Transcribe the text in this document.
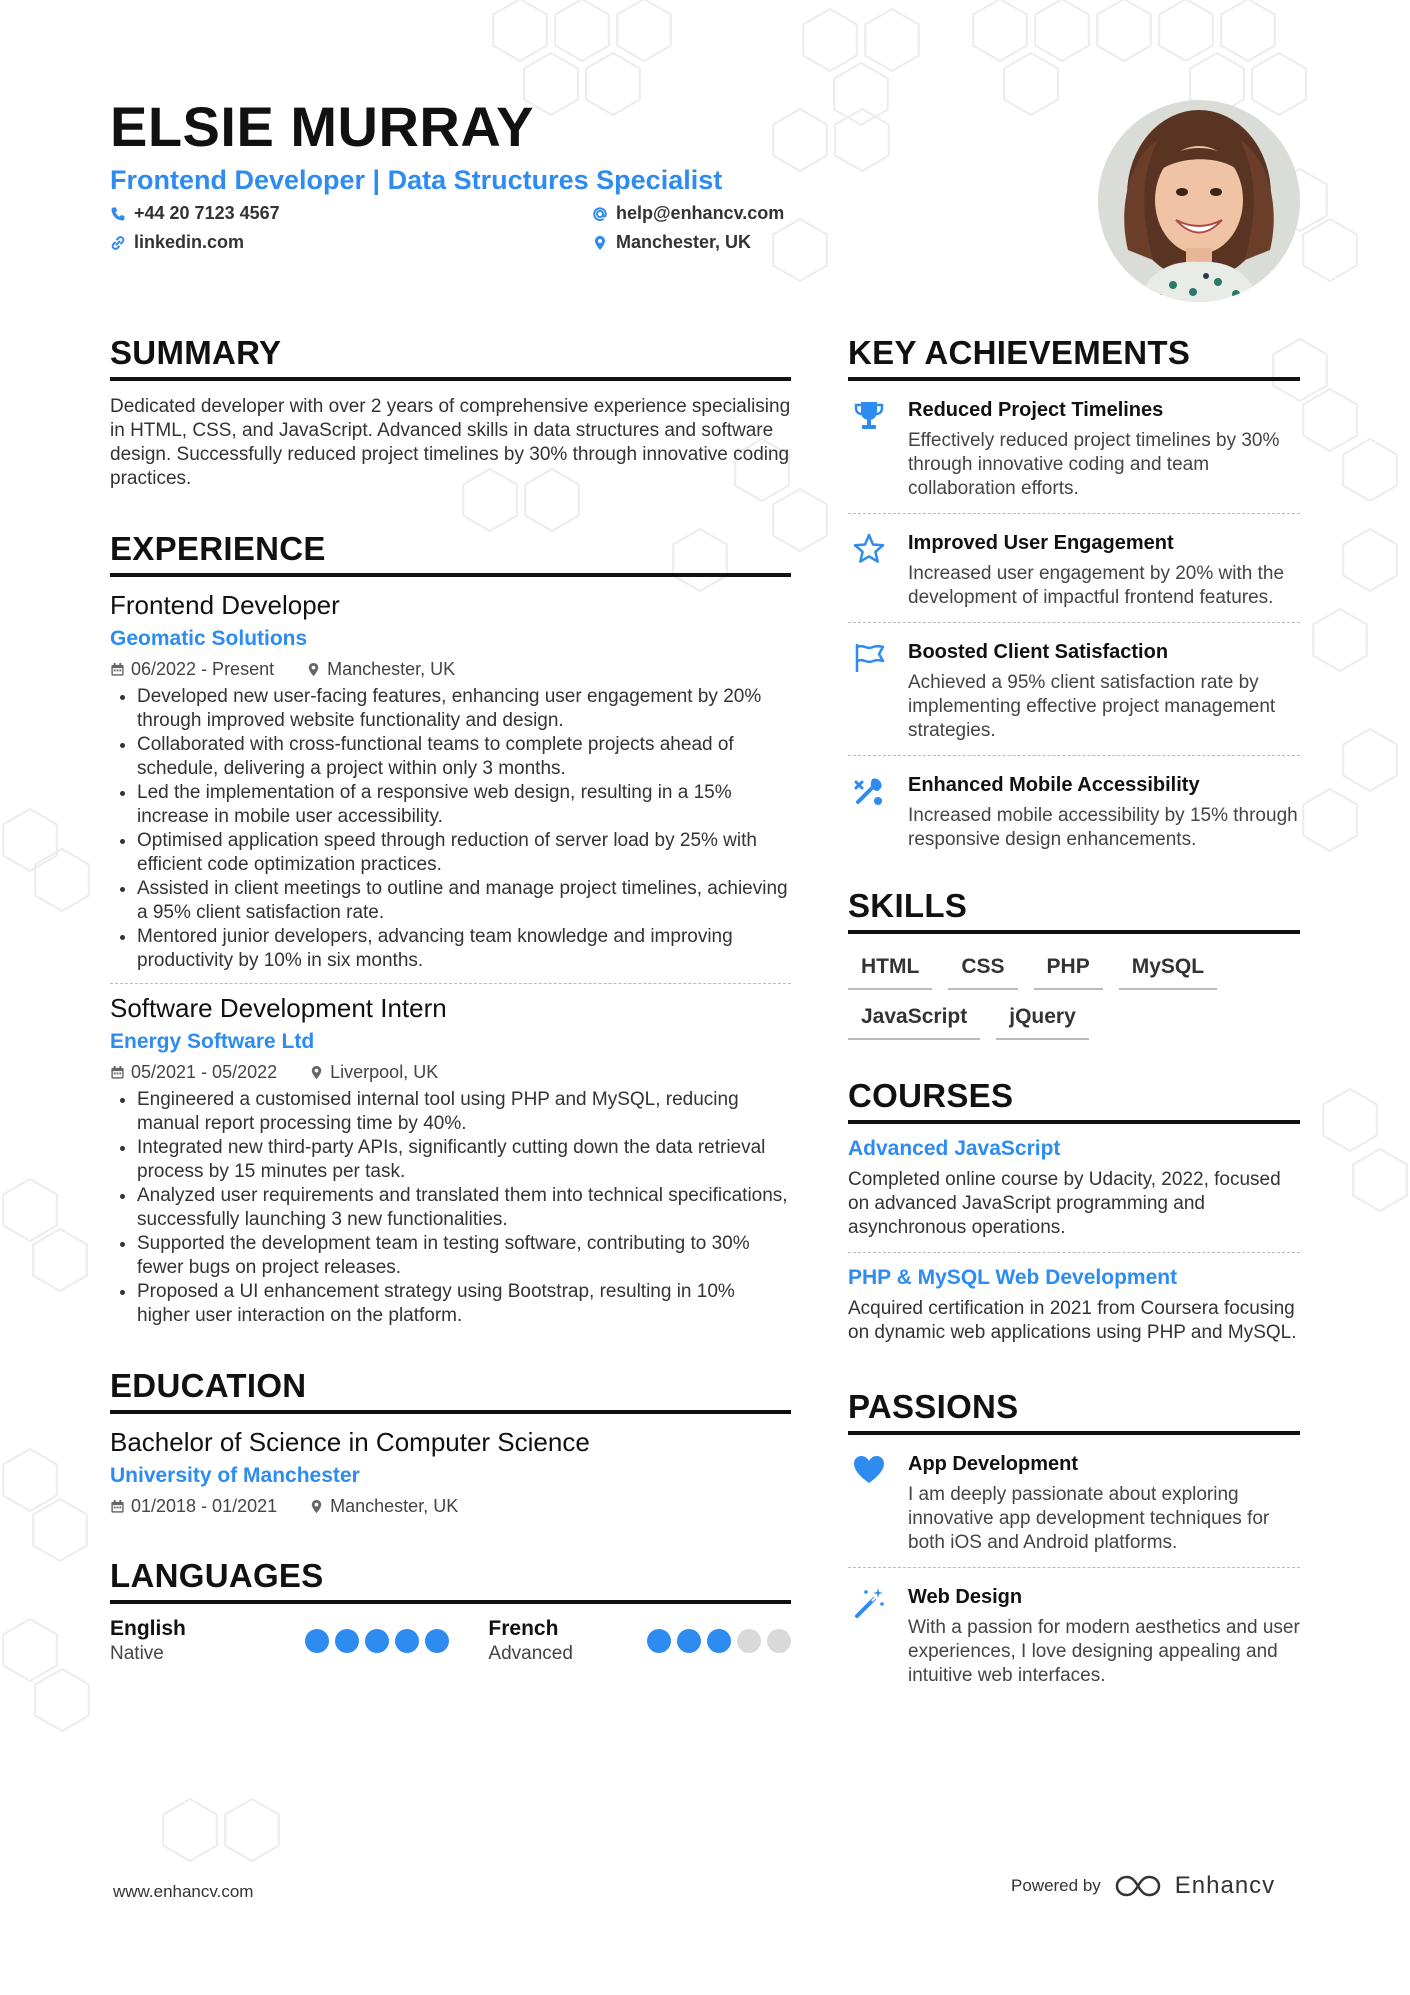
ELSIE MURRAY
Frontend Developer | Data Structures Specialist
+44 20 7123 4567	help@enhancv.com
linkedin.com	Manchester, UK
SUMMARY
Dedicated developer with over 2 years of comprehensive experience specialising in HTML, CSS, and JavaScript. Advanced skills in data structures and software design. Successfully reduced project timelines by 30% through innovative coding practices.
EXPERIENCE
Frontend Developer
Geomatic Solutions
06/2022 - Present	Manchester, UK
• Developed new user-facing features, enhancing user engagement by 20% through improved website functionality and design.
• Collaborated with cross-functional teams to complete projects ahead of schedule, delivering a project within only 3 months.
• Led the implementation of a responsive web design, resulting in a 15% increase in mobile user accessibility.
• Optimised application speed through reduction of server load by 25% with efficient code optimization practices.
• Assisted in client meetings to outline and manage project timelines, achieving a 95% client satisfaction rate.
• Mentored junior developers, advancing team knowledge and improving productivity by 10% in six months.
Software Development Intern
Energy Software Ltd
05/2021 - 05/2022	Liverpool, UK
• Engineered a customised internal tool using PHP and MySQL, reducing manual report processing time by 40%.
• Integrated new third-party APIs, significantly cutting down the data retrieval process by 15 minutes per task.
• Analyzed user requirements and translated them into technical specifications, successfully launching 3 new functionalities.
• Supported the development team in testing software, contributing to 30% fewer bugs on project releases.
• Proposed a UI enhancement strategy using Bootstrap, resulting in 10% higher user interaction on the platform.
EDUCATION
Bachelor of Science in Computer Science
University of Manchester
01/2018 - 01/2021	Manchester, UK
LANGUAGES
English
Native
French
Advanced
KEY ACHIEVEMENTS
Reduced Project Timelines
Effectively reduced project timelines by 30% through innovative coding and team collaboration efforts.
Improved User Engagement
Increased user engagement by 20% with the development of impactful frontend features.
Boosted Client Satisfaction
Achieved a 95% client satisfaction rate by implementing effective project management strategies.
Enhanced Mobile Accessibility
Increased mobile accessibility by 15% through responsive design enhancements.
SKILLS
HTML	CSS	PHP	MySQL
JavaScript	jQuery
COURSES
Advanced JavaScript
Completed online course by Udacity, 2022, focused on advanced JavaScript programming and asynchronous operations.
PHP & MySQL Web Development
Acquired certification in 2021 from Coursera focusing on dynamic web applications using PHP and MySQL.
PASSIONS
App Development
I am deeply passionate about exploring innovative app development techniques for both iOS and Android platforms.
Web Design
With a passion for modern aesthetics and user experiences, I love designing appealing and intuitive web interfaces.
www.enhancv.com	Powered by	Enhancv
